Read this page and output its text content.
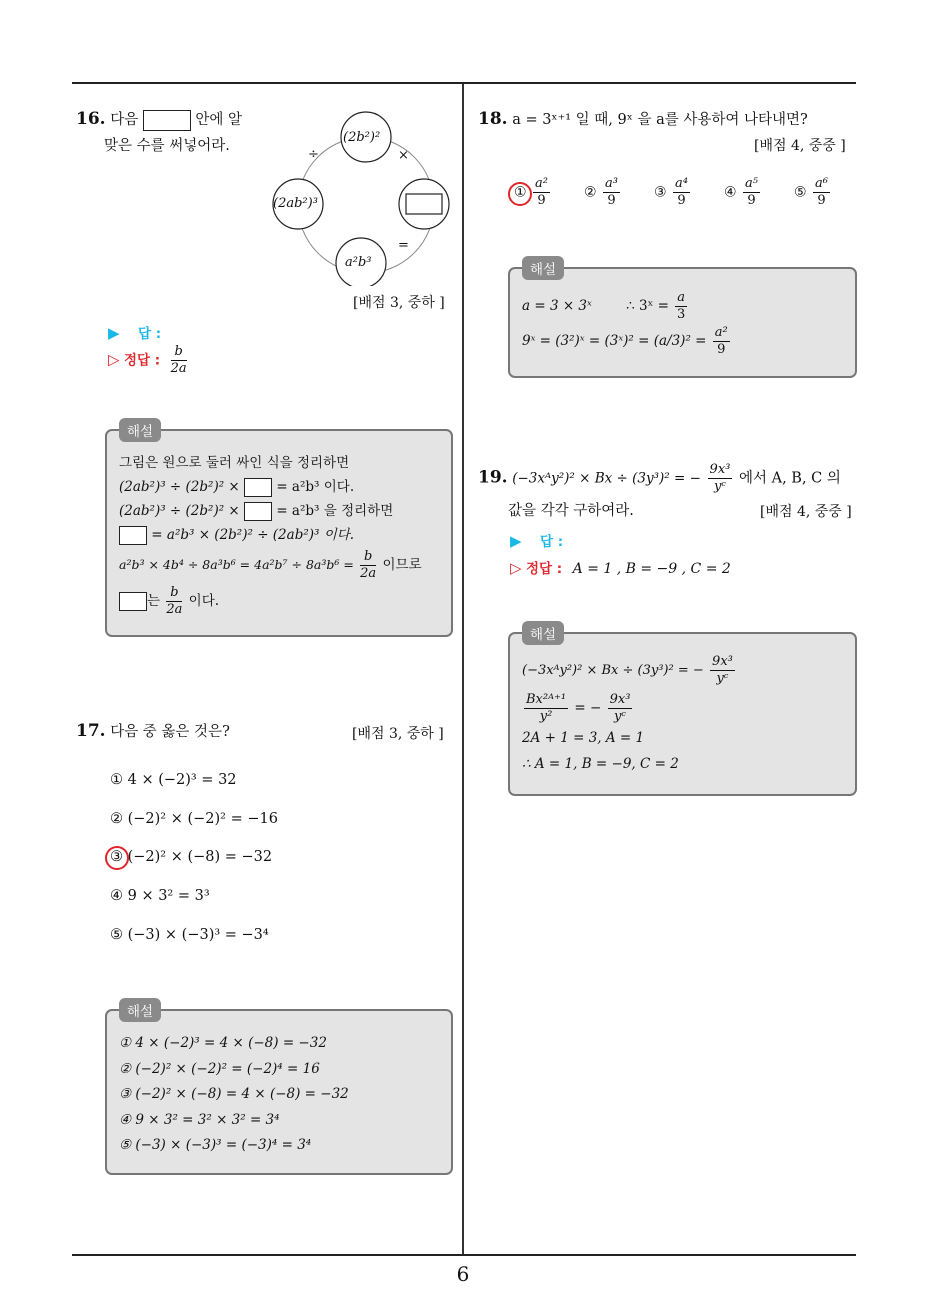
6
16. 다음	안에 알
맞은 수를 써넣어라.
(2b²)²
(2ab²)³
a²b³
÷	×
=
[배점 3, 중하 ]
▶ 답 :
▷ 정답 : $\frac{b}{2a}$
해설
그림은 원으로 둘러 싸인 식을 정리하면
(2ab²)³ ÷ (2b²)² ×	= a²b³ 이다.
(2ab²)³ ÷ (2b²)² ×	= a²b³ 을 정리하면
= a²b³ × (2b²)² ÷ (2ab²)³ 이다.
$a^2b^3 \times 4b^4 \div 8a^3b^6 = 4a^2b^7 \div 8a^3b^6 = \frac{b}{2a}$ 이므로
는 $\frac{b}{2a}$ 이다.
17. 다음 중 옳은 것은?	[배점 3, 중하 ]
① 4 × (−2)³ = 32
② (−2)² × (−2)² = −16
③ (−2)² × (−8) = −32
④ 9 × 3² = 3³
⑤ (−3) × (−3)³ = −3⁴
해설
① 4 × (−2)³ = 4 × (−8) = −32
② (−2)² × (−2)² = (−2)⁴ = 16
③ (−2)² × (−8) = 4 × (−8) = −32
④ 9 × 3² = 3² × 3² = 3⁴
⑤ (−3) × (−3)³ = (−3)⁴ = 3⁴
18. a = 3ˣ⁺¹ 일 때, 9ˣ 을 a를 사용하여 나타내면?
[배점 4, 중중 ]
① $\frac{\text{a²}}{9}$ ② $\frac{\text{a³}}{9}$ ③ $\frac{\text{a⁴}}{9}$ ④ $\frac{\text{a⁵}}{9}$ ⑤ $\frac{\text{a⁶}}{9}$
해설
a = 3 × 3ˣ	∴ 3ˣ = $\frac{a}{3}$
9ˣ = (3²)ˣ = (3ˣ)² = $(a/3)^2 = \frac{\text{a²}}{9}$
19. (−3xᴬy²)² × Bx ÷ (3y³)² = − $\frac{\text{9x³}}{\text{yᶜ}}$ 에서 A, B, C 의
값을 각각 구하여라.	[배점 4, 중중 ]
▶ 답 :
▷ 정답 : A = 1 , B = −9 , C = 2
해설
(−3xᴬy²)² × Bx ÷ (3y³)² = − $\frac{\text{9x³}}{\text{yᶜ}}$
$\frac{\text{Bx²ᴬ⁺¹}}{\text{y²}}$ = − $\frac{\text{9x³}}{\text{yᶜ}}$
2A + 1 = 3, A = 1
∴ A = 1, B = −9, C = 2
